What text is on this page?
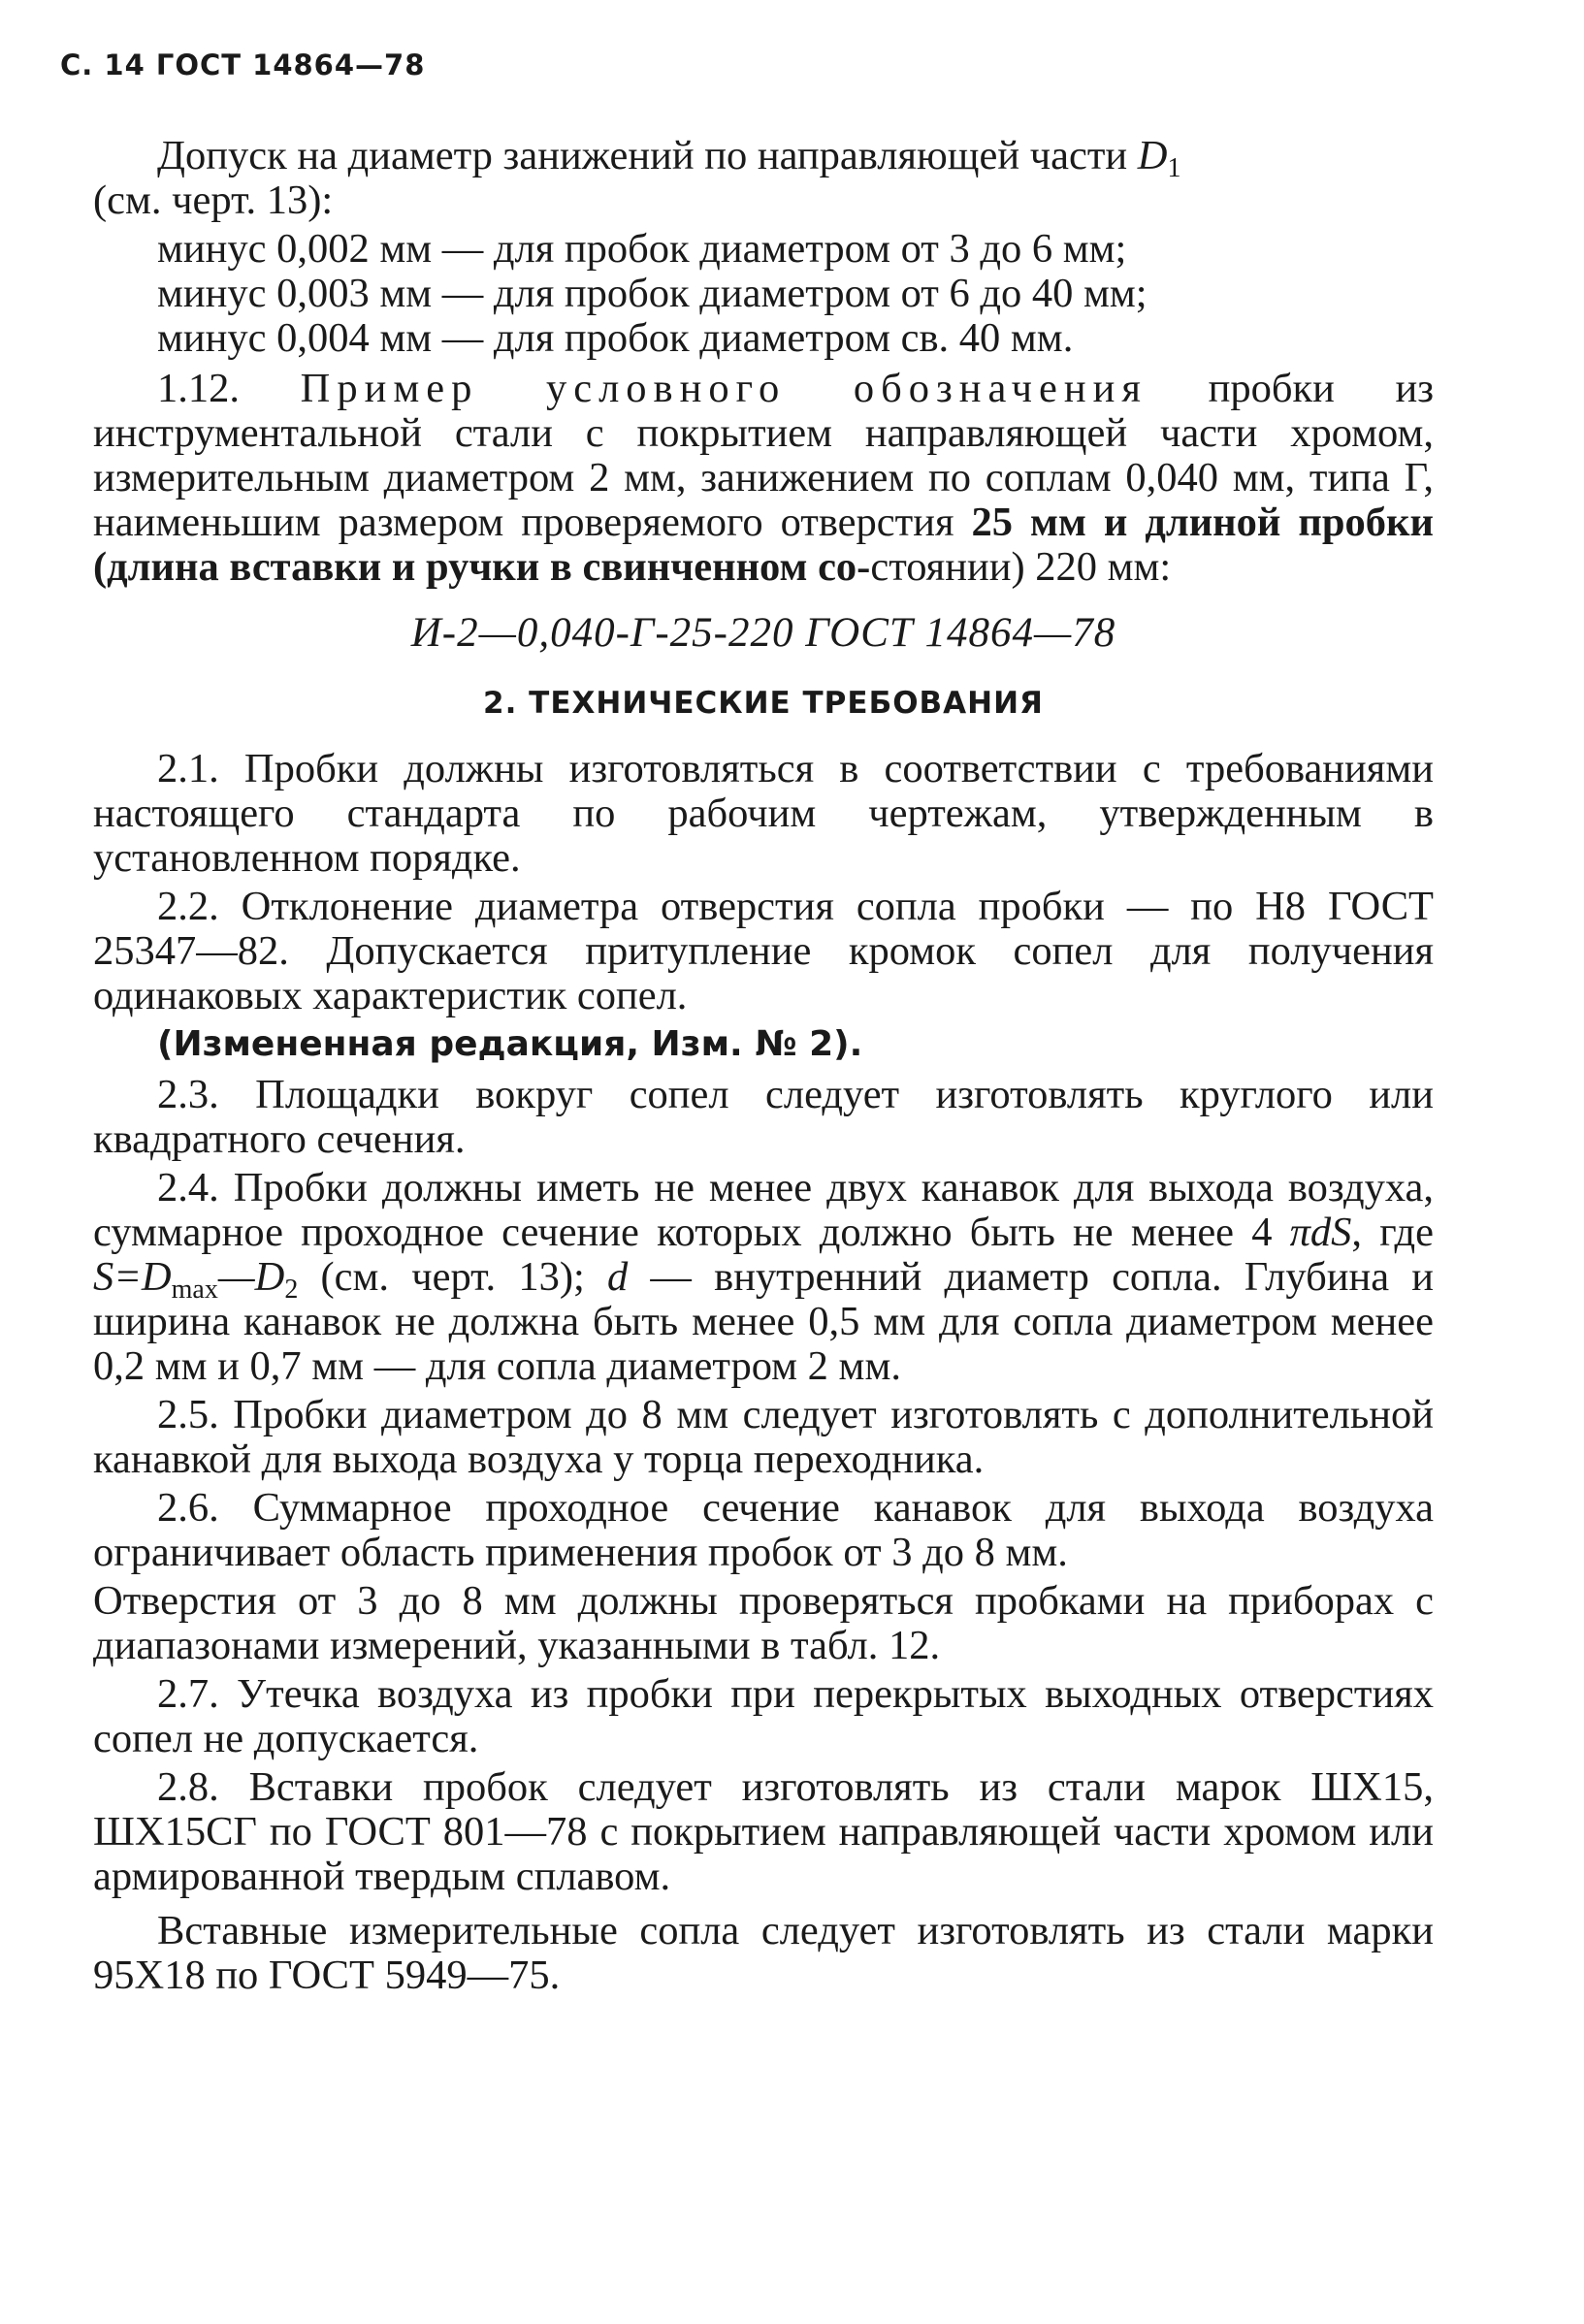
С. 14 ГОСТ 14864—78

Допуск на диаметр занижений по направляющей части $D_1$
(см. черт. 13):

минус 0,002 мм — для пробок диаметром от 3 до 6 мм;

минус 0,003 мм — для пробок диаметром от 6 до 40 мм;

минус 0,004 мм — для пробок диаметром св. 40 мм.

1.12. Пример условного обозначения пробки из инструментальной стали с покрытием направляющей части хромом, измерительным диаметром 2 мм, занижением по соплам 0,040 мм, типа Г, наименьшим размером проверяемого отверстия 25 мм и длиной пробки (длина вставки и ручки в свинченном со-стоянии) 220 мм:

И-2—0,040-Г-25-220 ГОСТ 14864—78

2. ТЕХНИЧЕСКИЕ ТРЕБОВАНИЯ

2.1. Пробки должны изготовляться в соответствии с требованиями настоящего стандарта по рабочим чертежам, утвержденным в установленном порядке.

2.2. Отклонение диаметра отверстия сопла пробки — по Н8 ГОСТ 25347—82. Допускается притупление кромок сопел для получения одинаковых характеристик сопел.

(Измененная редакция, Изм. № 2).

2.3. Площадки вокруг сопел следует изготовлять круглого или квадратного сечения.

2.4. Пробки должны иметь не менее двух канавок для выхода воздуха, суммарное проходное сечение которых должно быть не менее 4 πdS, где $S=D_{max}—D_2$ (см. черт. 13); d — внутренний диаметр сопла. Глубина и ширина канавок не должна быть менее 0,5 мм для сопла диаметром менее 0,2 мм и 0,7 мм — для сопла диаметром 2 мм.

2.5. Пробки диаметром до 8 мм следует изготовлять с дополнительной канавкой для выхода воздуха у торца переходника.

2.6. Суммарное проходное сечение канавок для выхода воздуха ограничивает область применения пробок от 3 до 8 мм.

Отверстия от 3 до 8 мм должны проверяться пробками на приборах с диапазонами измерений, указанными в табл. 12.

2.7. Утечка воздуха из пробки при перекрытых выходных отверстиях сопел не допускается.

2.8. Вставки пробок следует изготовлять из стали марок ШХ15, ШХ15СГ по ГОСТ 801—78 с покрытием направляющей части хромом или армированной твердым сплавом.

Вставные измерительные сопла следует изготовлять из стали марки 95Х18 по ГОСТ 5949—75.
